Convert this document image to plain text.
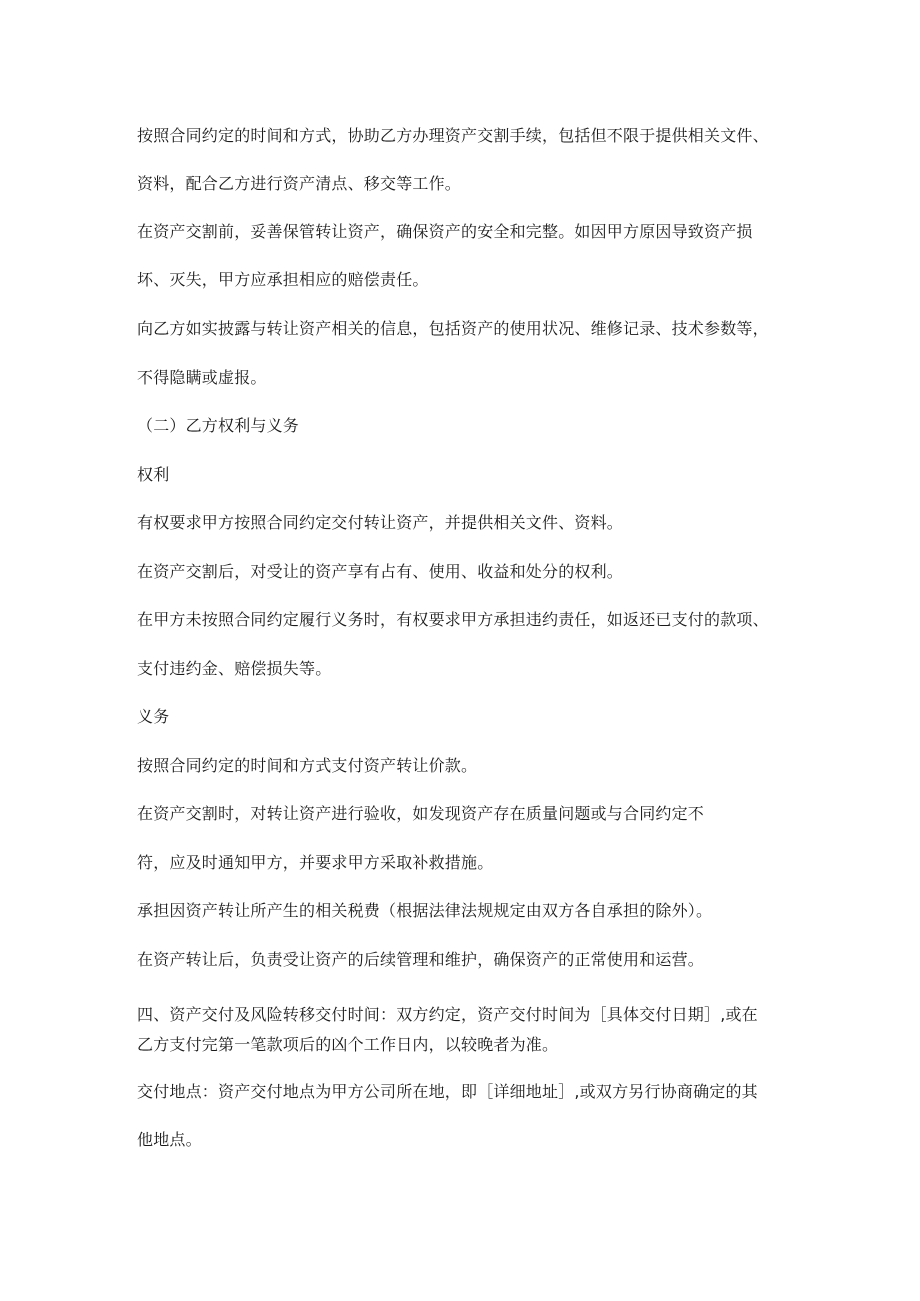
按照合同约定的时间和方式，协助乙方办理资产交割手续，包括但不限于提供相关文件、
资料，配合乙方进行资产清点、移交等工作。
在资产交割前，妥善保管转让资产，确保资产的安全和完整。如因甲方原因导致资产损
坏、灭失，甲方应承担相应的赔偿责任。
向乙方如实披露与转让资产相关的信息，包括资产的使用状况、维修记录、技术参数等，
不得隐瞒或虚报。
（二）乙方权利与义务
权利
有权要求甲方按照合同约定交付转让资产，并提供相关文件、资料。
在资产交割后，对受让的资产享有占有、使用、收益和处分的权利。
在甲方未按照合同约定履行义务时，有权要求甲方承担违约责任，如返还已支付的款项、
支付违约金、赔偿损失等。
义务
按照合同约定的时间和方式支付资产转让价款。
在资产交割时，对转让资产进行验收，如发现资产存在质量问题或与合同约定不
符，应及时通知甲方，并要求甲方采取补救措施。
承担因资产转让所产生的相关税费（根据法律法规规定由双方各自承担的除外）。
在资产转让后，负责受让资产的后续管理和维护，确保资产的正常使用和运营。
四、资产交付及风险转移交付时间：双方约定，资产交付时间为［具体交付日期］,或在
乙方支付完第一笔款项后的凶个工作日内，以较晚者为准。
交付地点：资产交付地点为甲方公司所在地，即［详细地址］,或双方另行协商确定的其
他地点。
